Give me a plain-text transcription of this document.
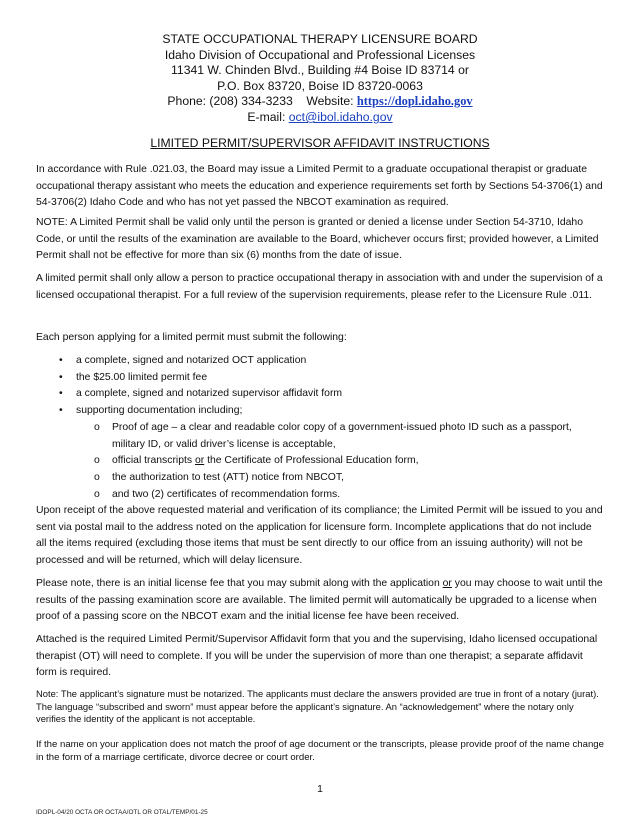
STATE OCCUPATIONAL THERAPY LICENSURE BOARD
Idaho Division of Occupational and Professional Licenses
11341 W. Chinden Blvd., Building #4 Boise ID 83714 or
P.O. Box 83720, Boise ID 83720-0063
Phone: (208) 334-3233 Website: https://dopl.idaho.gov
E-mail: oct@ibol.idaho.gov
LIMITED PERMIT/SUPERVISOR AFFIDAVIT INSTRUCTIONS

In accordance with Rule .021.03, the Board may issue a Limited Permit to a graduate occupational therapist or graduate occupational therapy assistant who meets the education and experience requirements set forth by Sections 54-3706(1) and 54-3706(2) Idaho Code and who has not yet passed the NBCOT examination as required.

NOTE: A Limited Permit shall be valid only until the person is granted or denied a license under Section 54-3710, Idaho Code, or until the results of the examination are available to the Board, whichever occurs first; provided however, a Limited Permit shall not be effective for more than six (6) months from the date of issue.

A limited permit shall only allow a person to practice occupational therapy in association with and under the supervision of a licensed occupational therapist. For a full review of the supervision requirements, please refer to the Licensure Rule .011.

Each person applying for a limited permit must submit the following:

• a complete, signed and notarized OCT application
• the $25.00 limited permit fee
• a complete, signed and notarized supervisor affidavit form
• supporting documentation including;
o Proof of age – a clear and readable color copy of a government-issued photo ID such as a passport, military ID, or valid driver’s license is acceptable,
o official transcripts or the Certificate of Professional Education form,
o the authorization to test (ATT) notice from NBCOT,
o and two (2) certificates of recommendation forms.

Upon receipt of the above requested material and verification of its compliance; the Limited Permit will be issued to you and sent via postal mail to the address noted on the application for licensure form. Incomplete applications that do not include all the items required (excluding those items that must be sent directly to our office from an issuing authority) will not be processed and will be returned, which will delay licensure.

Please note, there is an initial license fee that you may submit along with the application or you may choose to wait until the results of the passing examination score are available. The limited permit will automatically be upgraded to a license when proof of a passing score on the NBCOT exam and the initial license fee have been received.

Attached is the required Limited Permit/Supervisor Affidavit form that you and the supervising, Idaho licensed occupational therapist (OT) will need to complete. If you will be under the supervision of more than one therapist; a separate affidavit form is required.

Note: The applicant’s signature must be notarized. The applicants must declare the answers provided are true in front of a notary (jurat). The language “subscribed and sworn” must appear before the applicant’s signature. An “acknowledgement” where the notary only verifies the identity of the applicant is not acceptable.

If the name on your application does not match the proof of age document or the transcripts, please provide proof of the name change in the form of a marriage certificate, divorce decree or court order.

1
IDOPL-04/20 OCTA OR OCTAA/OTL OR OTAL/TEMP/01-25
